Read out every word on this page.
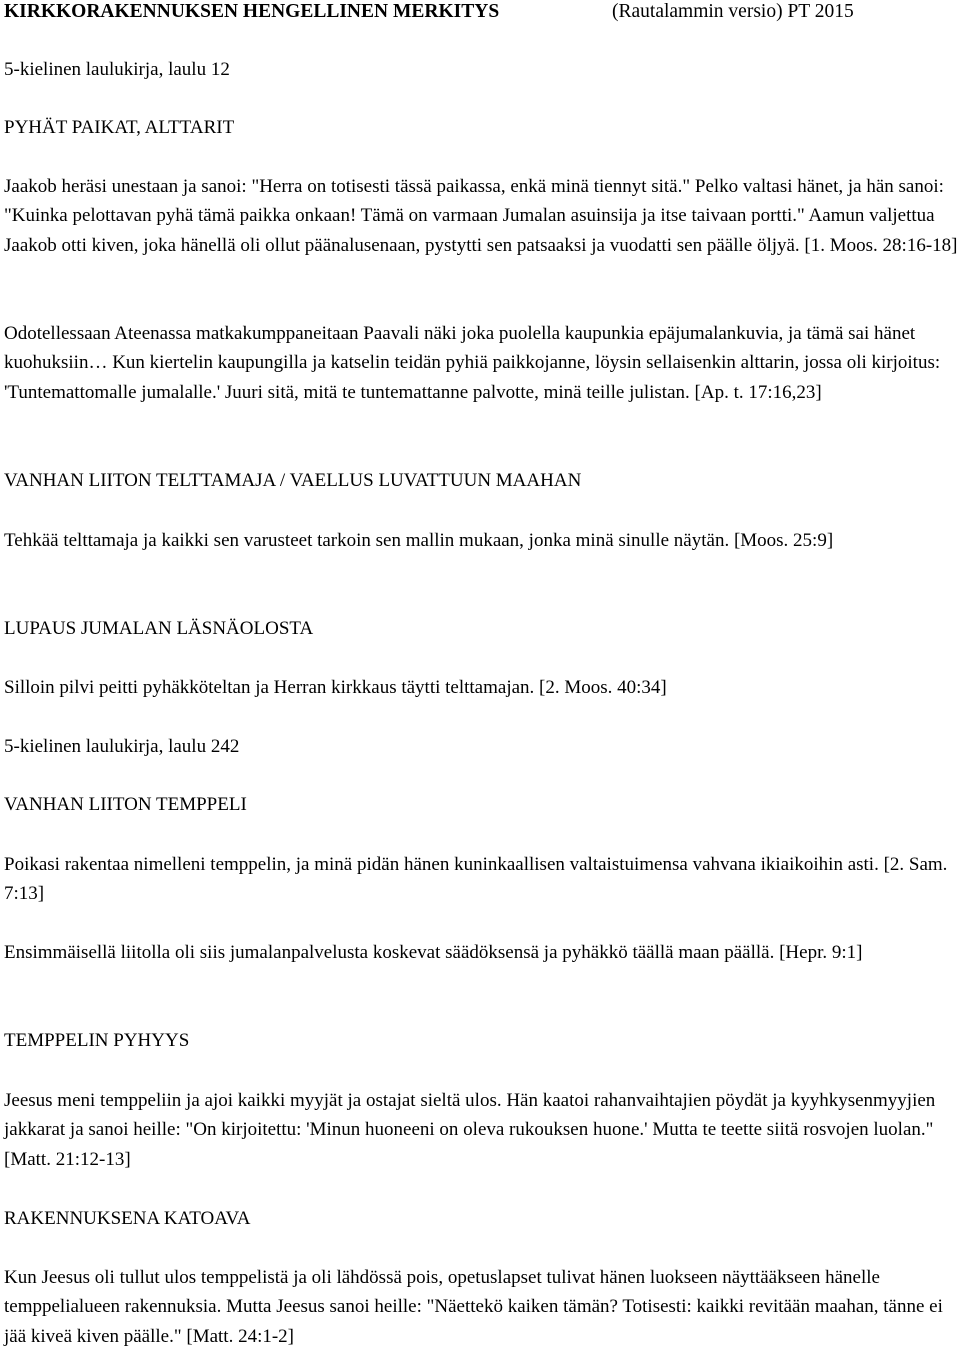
KIRKKORAKENNUKSEN HENGELLINEN MERKITYS	(Rautalammin versio) PT 2015

5-kielinen laulukirja, laulu 12

PYHÄT PAIKAT, ALTTARIT

Jaakob heräsi unestaan ja sanoi: "Herra on totisesti tässä paikassa, enkä minä tiennyt sitä." Pelko valtasi hänet, ja hän sanoi: "Kuinka pelottavan pyhä tämä paikka onkaan! Tämä on varmaan Jumalan asuinsija ja itse taivaan portti." Aamun valjettua Jaakob otti kiven, joka hänellä oli ollut päänalusenaan, pystytti sen patsaaksi ja vuodatti sen päälle öljyä. [1. Moos. 28:16-18]

Odotellessaan Ateenassa matkakumppaneitaan Paavali näki joka puolella kaupunkia epäjumalankuvia, ja tämä sai hänet kuohuksiin… Kun kiertelin kaupungilla ja katselin teidän pyhiä paikkojanne, löysin sellaisenkin alttarin, jossa oli kirjoitus: 'Tuntemattomalle jumalalle.' Juuri sitä, mitä te tuntemattanne palvotte, minä teille julistan. [Ap. t. 17:16,23]

VANHAN LIITON TELTTAMAJA / VAELLUS LUVATTUUN MAAHAN

Tehkää telttamaja ja kaikki sen varusteet tarkoin sen mallin mukaan, jonka minä sinulle näytän. [Moos. 25:9]

LUPAUS JUMALAN LÄSNÄOLOSTA

Silloin pilvi peitti pyhäkköteltan ja Herran kirkkaus täytti telttamajan. [2. Moos. 40:34]

5-kielinen laulukirja, laulu 242

VANHAN LIITON TEMPPELI

Poikasi rakentaa nimelleni temppelin, ja minä pidän hänen kuninkaallisen valtaistuimensa vahvana ikiaikoihin asti. [2. Sam. 7:13]

Ensimmäisellä liitolla oli siis jumalanpalvelusta koskevat säädöksensä ja pyhäkkö täällä maan päällä. [Hepr. 9:1]

TEMPPELIN PYHYYS

Jeesus meni temppeliin ja ajoi kaikki myyjät ja ostajat sieltä ulos. Hän kaatoi rahanvaihtajien pöydät ja kyyhkysenmyyjien jakkarat ja sanoi heille: "On kirjoitettu: 'Minun huoneeni on oleva rukouksen huone.' Mutta te teette siitä rosvojen luolan." [Matt. 21:12-13]

RAKENNUKSENA KATOAVA

Kun Jeesus oli tullut ulos temppelistä ja oli lähdössä pois, opetuslapset tulivat hänen luokseen näyttääkseen hänelle temppelialueen rakennuksia. Mutta Jeesus sanoi heille: "Näettekö kaiken tämän? Totisesti: kaikki revitään maahan, tänne ei jää kiveä kiven päälle." [Matt. 24:1-2]
